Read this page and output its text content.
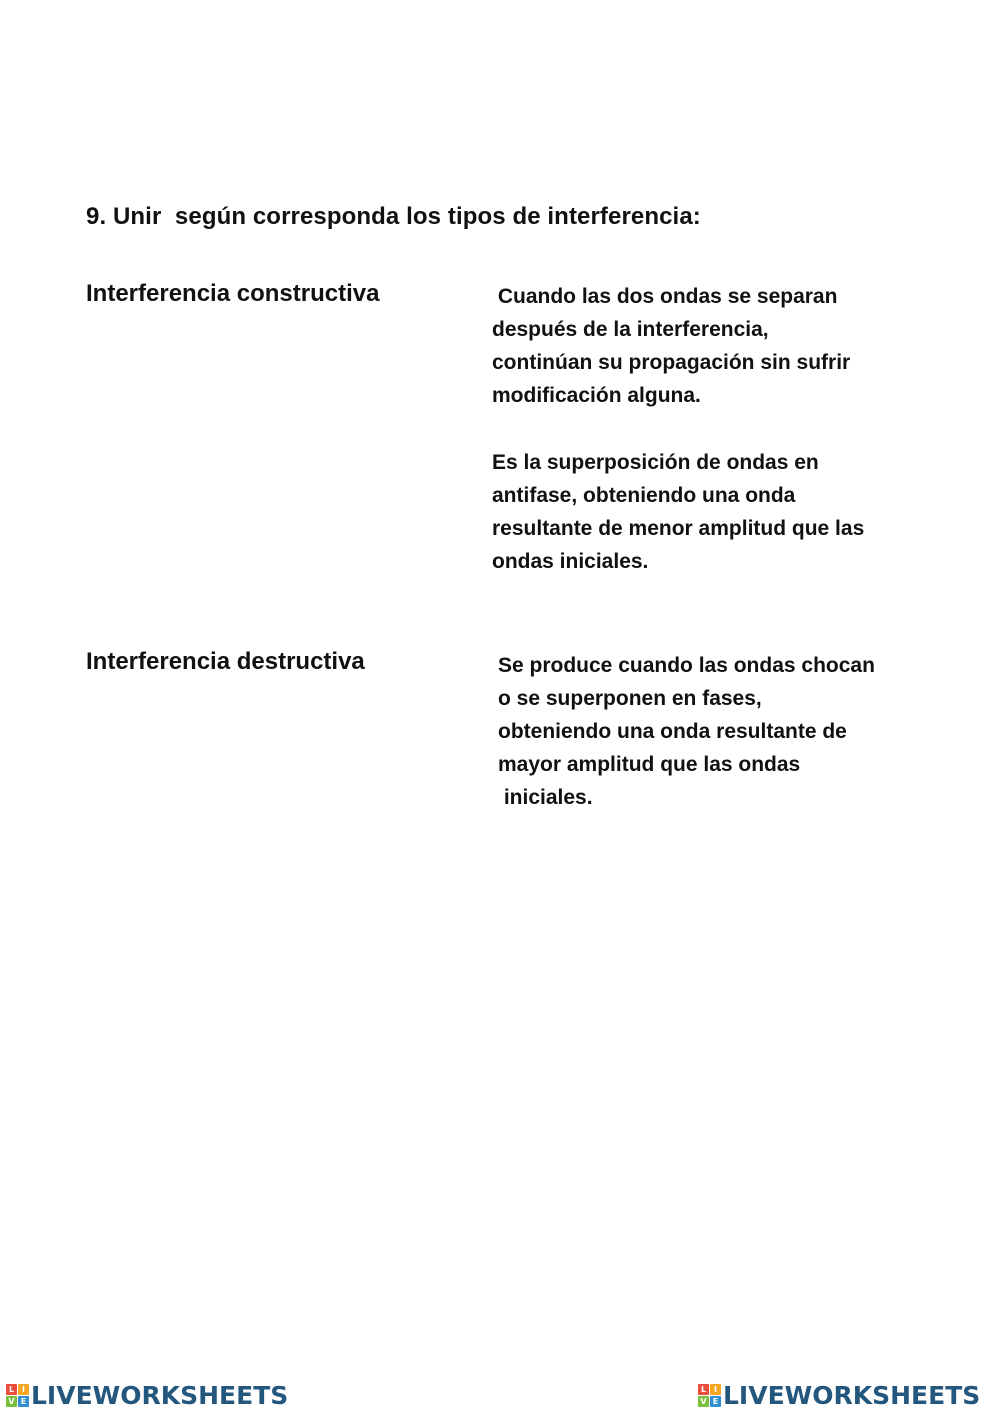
9. Unir  según corresponda los tipos de interferencia:
Interferencia constructiva
Interferencia destructiva
Cuando las dos ondas se separan
después de la interferencia,
continúan su propagación sin sufrir
modificación alguna.
Es la superposición de ondas en
antifase, obteniendo una onda
resultante de menor amplitud que las
ondas iniciales.
Se produce cuando las ondas chocan
o se superponen en fases,
obteniendo una onda resultante de
mayor amplitud que las ondas
iniciales.
L I
V E LIVEWORKSHEETS	L I
V E LIVEWORKSHEETS
